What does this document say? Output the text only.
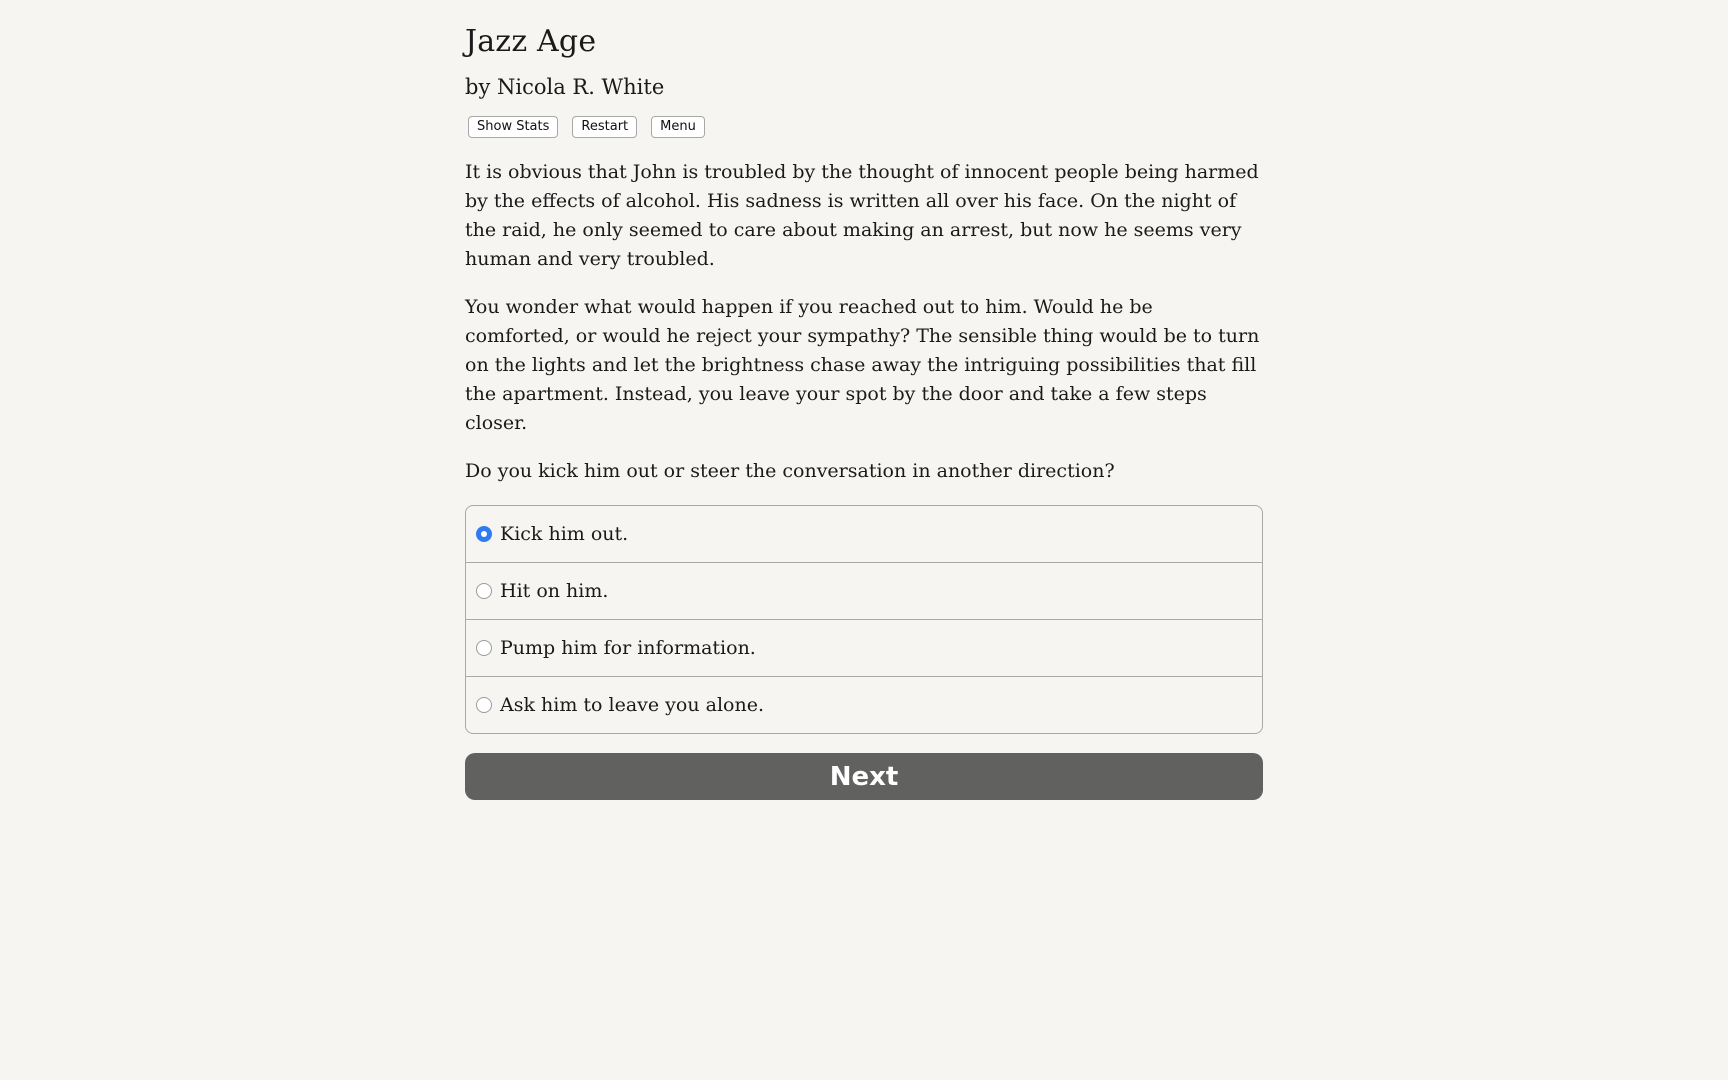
Jazz Age
by Nicola R. White
Show Stats	Restart	Menu

It is obvious that John is troubled by the thought of innocent people being harmed by the effects of alcohol. His sadness is written all over his face. On the night of the raid, he only seemed to care about making an arrest, but now he seems very human and very troubled.

You wonder what would happen if you reached out to him. Would he be comforted, or would he reject your sympathy? The sensible thing would be to turn on the lights and let the brightness chase away the intriguing possibilities that fill the apartment. Instead, you leave your spot by the door and take a few steps closer.

Do you kick him out or steer the conversation in another direction?

Kick him out.
Hit on him.
Pump him for information.
Ask him to leave you alone.
Next
